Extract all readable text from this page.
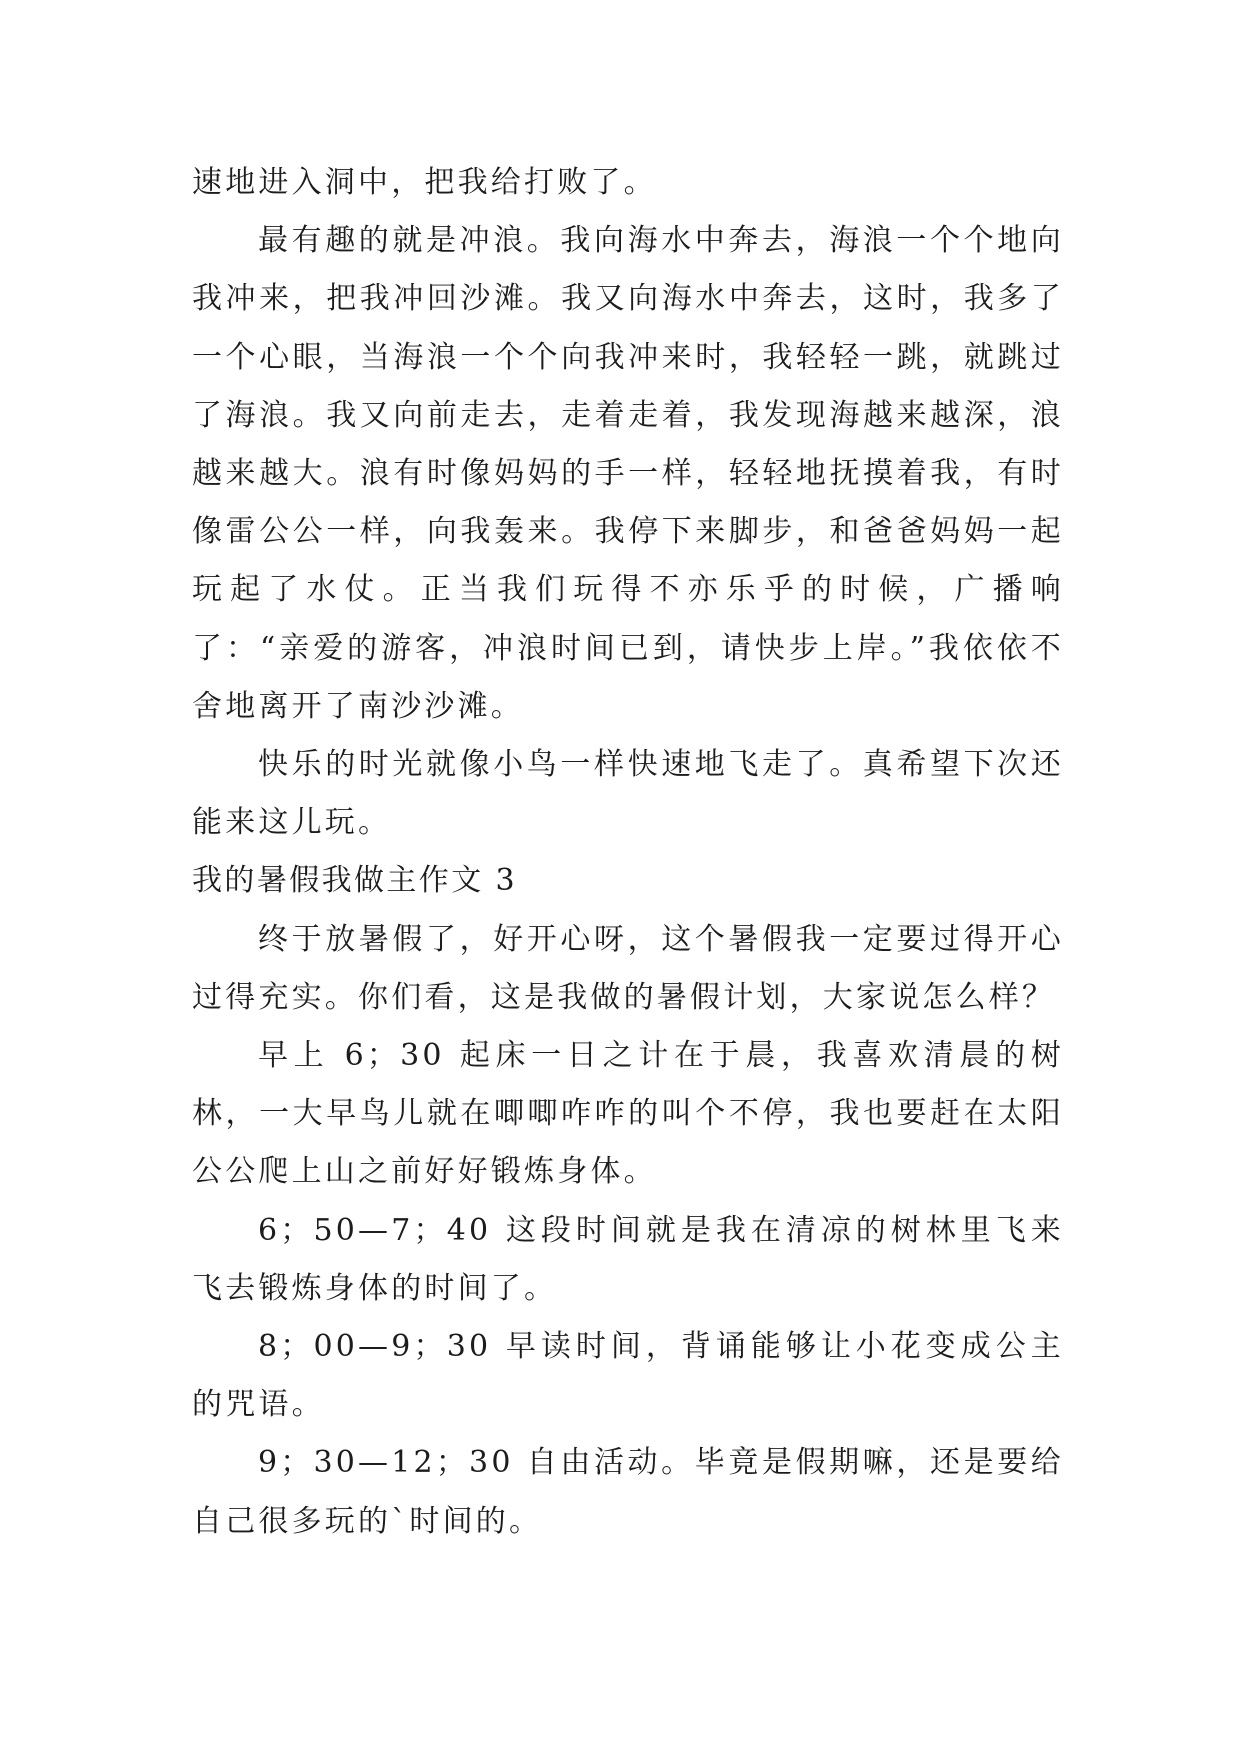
速地进入洞中，把我给打败了。

最有趣的就是冲浪。我向海水中奔去，海浪一个个地向我冲来，把我冲回沙滩。我又向海水中奔去，这时，我多了一个心眼，当海浪一个个向我冲来时，我轻轻一跳，就跳过了海浪。我又向前走去，走着走着，我发现海越来越深，浪越来越大。浪有时像妈妈的手一样，轻轻地抚摸着我，有时像雷公公一样，向我轰来。我停下来脚步，和爸爸妈妈一起玩起了水仗。正当我们玩得不亦乐乎的时候，广播响了：“亲爱的游客，冲浪时间已到，请快步上岸。”我依依不舍地离开了南沙沙滩。

快乐的时光就像小鸟一样快速地飞走了。真希望下次还能来这儿玩。

我的暑假我做主作文 3

终于放暑假了，好开心呀，这个暑假我一定要过得开心过得充实。你们看，这是我做的暑假计划，大家说怎么样？

早上 6；30 起床一日之计在于晨，我喜欢清晨的树林，一大早鸟儿就在唧唧咋咋的叫个不停，我也要赶在太阳公公爬上山之前好好锻炼身体。

6；50—7；40 这段时间就是我在清凉的树林里飞来飞去锻炼身体的时间了。

8；00—9；30 早读时间，背诵能够让小花变成公主的咒语。

9；30—12；30 自由活动。毕竟是假期嘛，还是要给自己很多玩的`时间的。
